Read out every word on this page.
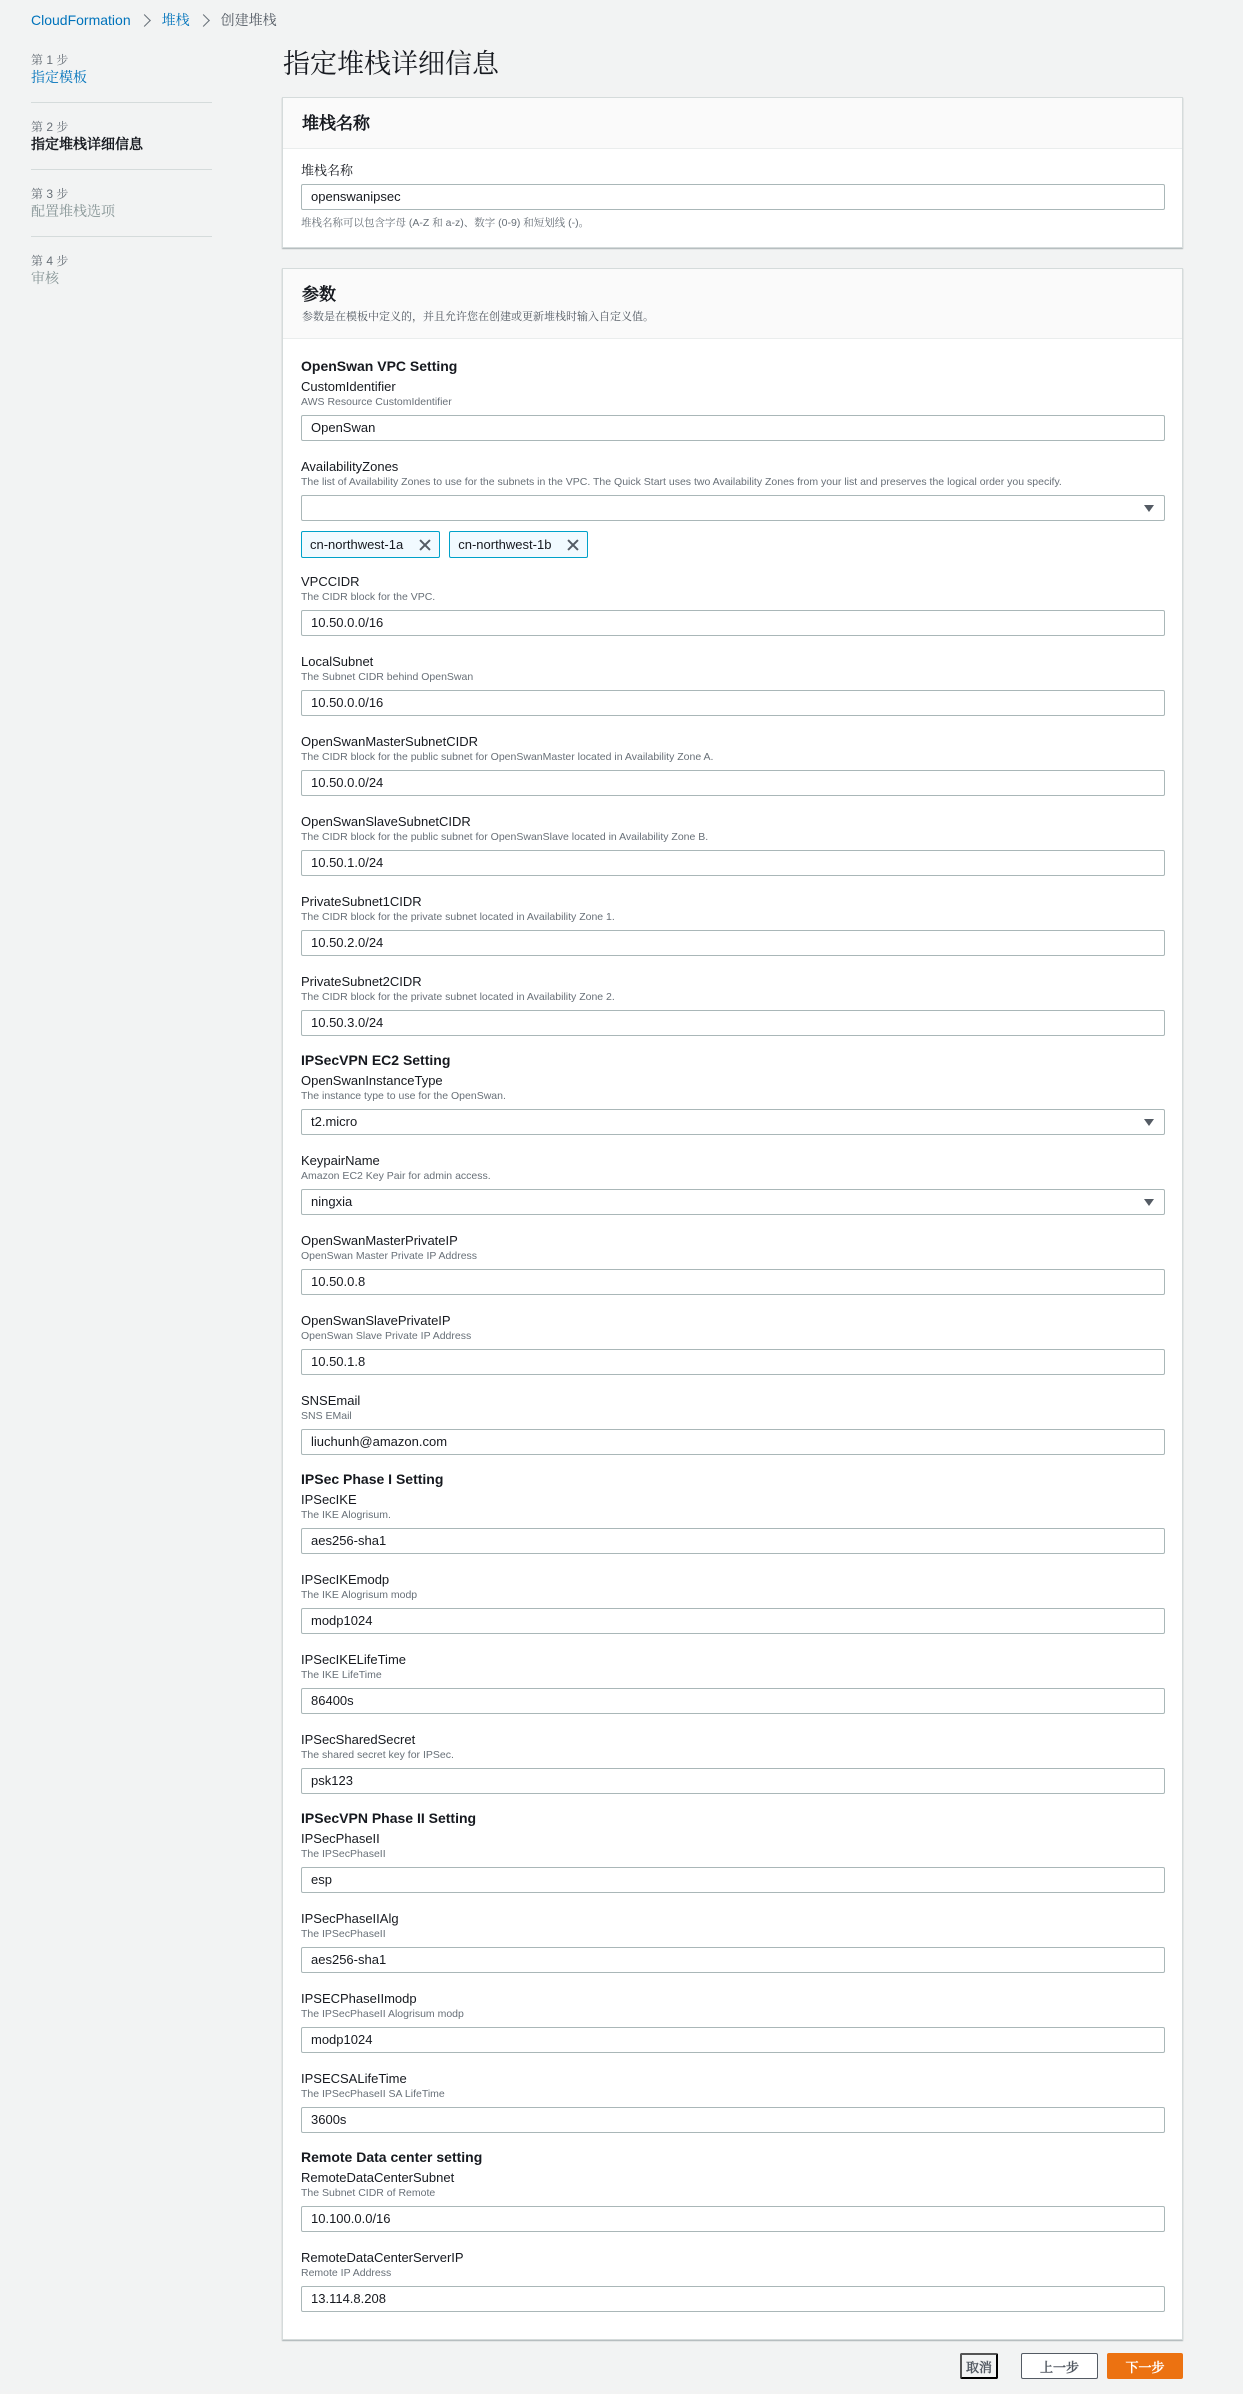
CloudFormation 堆栈 创建堆栈
第 1 步
指定模板
第 2 步
指定堆栈详细信息
第 3 步
配置堆栈选项
第 4 步
审核
指定堆栈详细信息
堆栈名称
堆栈名称
openswanipsec
堆栈名称可以包含字母 (A-Z 和 a-z)、数字 (0-9) 和短划线 (-)。
参数
参数是在模板中定义的，并且允许您在创建或更新堆栈时输入自定义值。
OpenSwan VPC Setting
CustomIdentifier
AWS Resource CustomIdentifier
OpenSwan
AvailabilityZones
The list of Availability Zones to use for the subnets in the VPC. The Quick Start uses two Availability Zones from your list and preserves the logical order you specify.
cn-northwest-1a	cn-northwest-1b
VPCCIDR
The CIDR block for the VPC.
10.50.0.0/16
LocalSubnet
The Subnet CIDR behind OpenSwan
10.50.0.0/16
OpenSwanMasterSubnetCIDR
The CIDR block for the public subnet for OpenSwanMaster located in Availability Zone A.
10.50.0.0/24
OpenSwanSlaveSubnetCIDR
The CIDR block for the public subnet for OpenSwanSlave located in Availability Zone B.
10.50.1.0/24
PrivateSubnet1CIDR
The CIDR block for the private subnet located in Availability Zone 1.
10.50.2.0/24
PrivateSubnet2CIDR
The CIDR block for the private subnet located in Availability Zone 2.
10.50.3.0/24
IPSecVPN EC2 Setting
OpenSwanInstanceType
The instance type to use for the OpenSwan.
t2.micro
KeypairName
Amazon EC2 Key Pair for admin access.
ningxia
OpenSwanMasterPrivateIP
OpenSwan Master Private IP Address
10.50.0.8
OpenSwanSlavePrivateIP
OpenSwan Slave Private IP Address
10.50.1.8
SNSEmail
SNS EMail
liuchunh@amazon.com
IPSec Phase I Setting
IPSecIKE
The IKE Alogrisum.
aes256-sha1
IPSecIKEmodp
The IKE Alogrisum modp
modp1024
IPSecIKELifeTime
The IKE LifeTime
86400s
IPSecSharedSecret
The shared secret key for IPSec.
psk123
IPSecVPN Phase II Setting
IPSecPhaseII
The IPSecPhaseII
esp
IPSecPhaseIIAlg
The IPSecPhaseII
aes256-sha1
IPSECPhaseIImodp
The IPSecPhaseII Alogrisum modp
modp1024
IPSECSALifeTime
The IPSecPhaseII SA LifeTime
3600s
Remote Data center setting
RemoteDataCenterSubnet
The Subnet CIDR of Remote
10.100.0.0/16
RemoteDataCenterServerIP
Remote IP Address
13.114.8.208
取消	上一步	下一步
